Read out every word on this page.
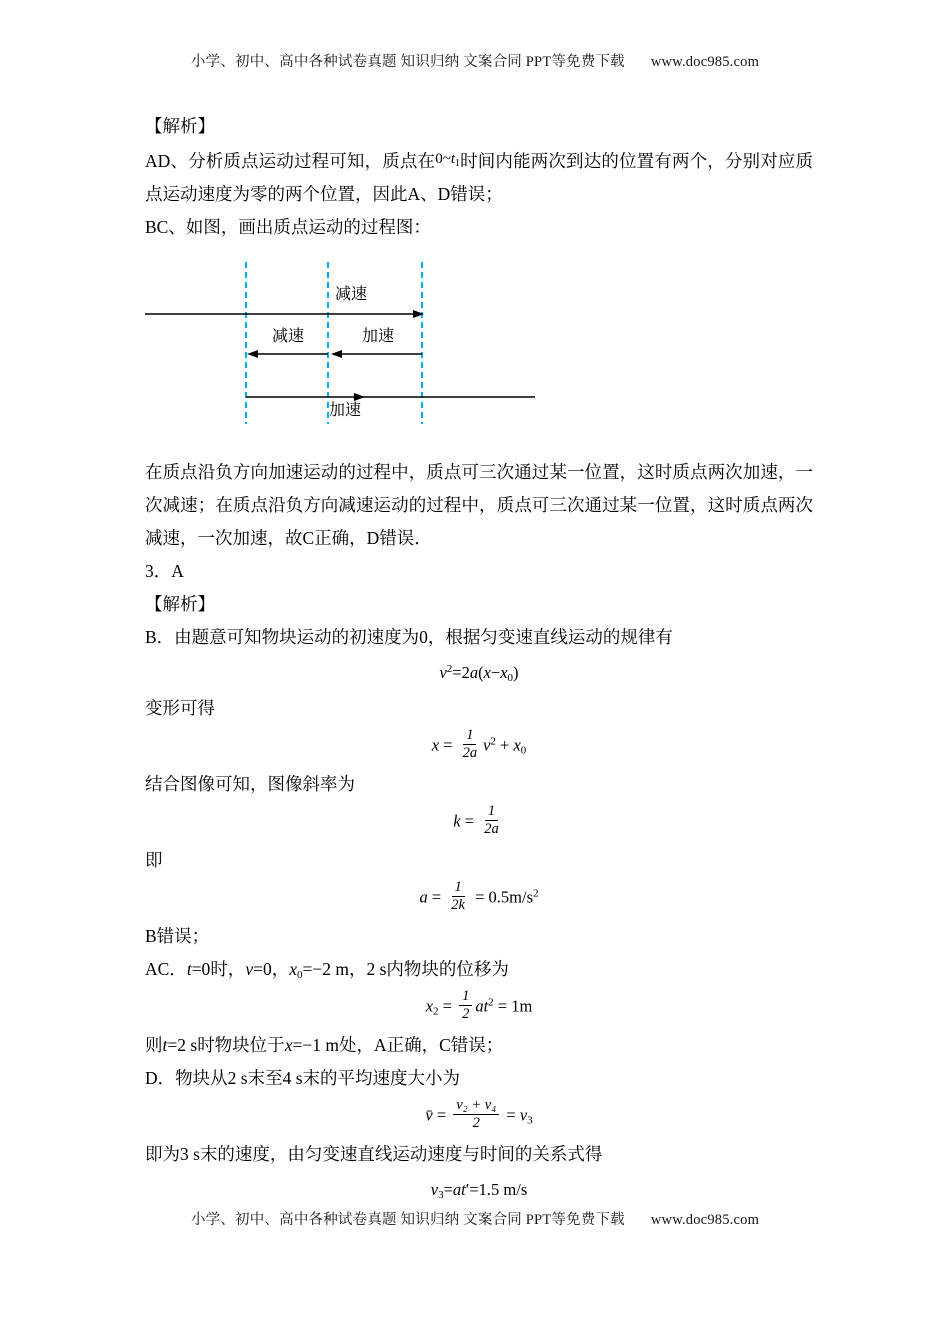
小学、初中、高中各种试卷真题 知识归纳 文案合同 PPT等免费下载 www.doc985.com

【解析】

AD、分析质点运动过程可知，质点在$0\sim t_1$时间内能两次到达的位置有两个，分别对应质点运动速度为零的两个位置，因此A、D错误；

BC、如图，画出质点运动的过程图：

减速
减速	加速
加速

在质点沿负方向加速运动的过程中，质点可三次通过某一位置，这时质点两次加速，一次减速；在质点沿负方向减速运动的过程中，质点可三次通过某一位置，这时质点两次减速，一次加速，故C正确，D错误．

3．A

【解析】

B．由题意可知物块运动的初速度为0，根据匀变速直线运动的规律有

$v^2=2a(x-x_0)$

变形可得

$x = \frac{1}{2a} v^2 + x_0$

结合图像可知，图像斜率为

$k = \frac{1}{2a}$

即

$a = \frac{1}{2k} = 0.5m/s^2$

B错误；

AC．t=0时，v=0，$x_0=-2$ m，2 s内物块的位移为

$x_2 = \frac{1}{2} at^2 = 1m$

则t=2 s时物块位于x=−1 m处，A正确，C错误；

D．物块从2 s末至4 s末的平均速度大小为

v̄ = $\frac{\text{v₂ + v₄}}{2} = v_3$

即为3 s末的速度，由匀变速直线运动速度与时间的关系式得

$v_3=at'=1.5$ m/s
小学、初中、高中各种试卷真题 知识归纳 文案合同 PPT等免费下载 www.doc985.com
